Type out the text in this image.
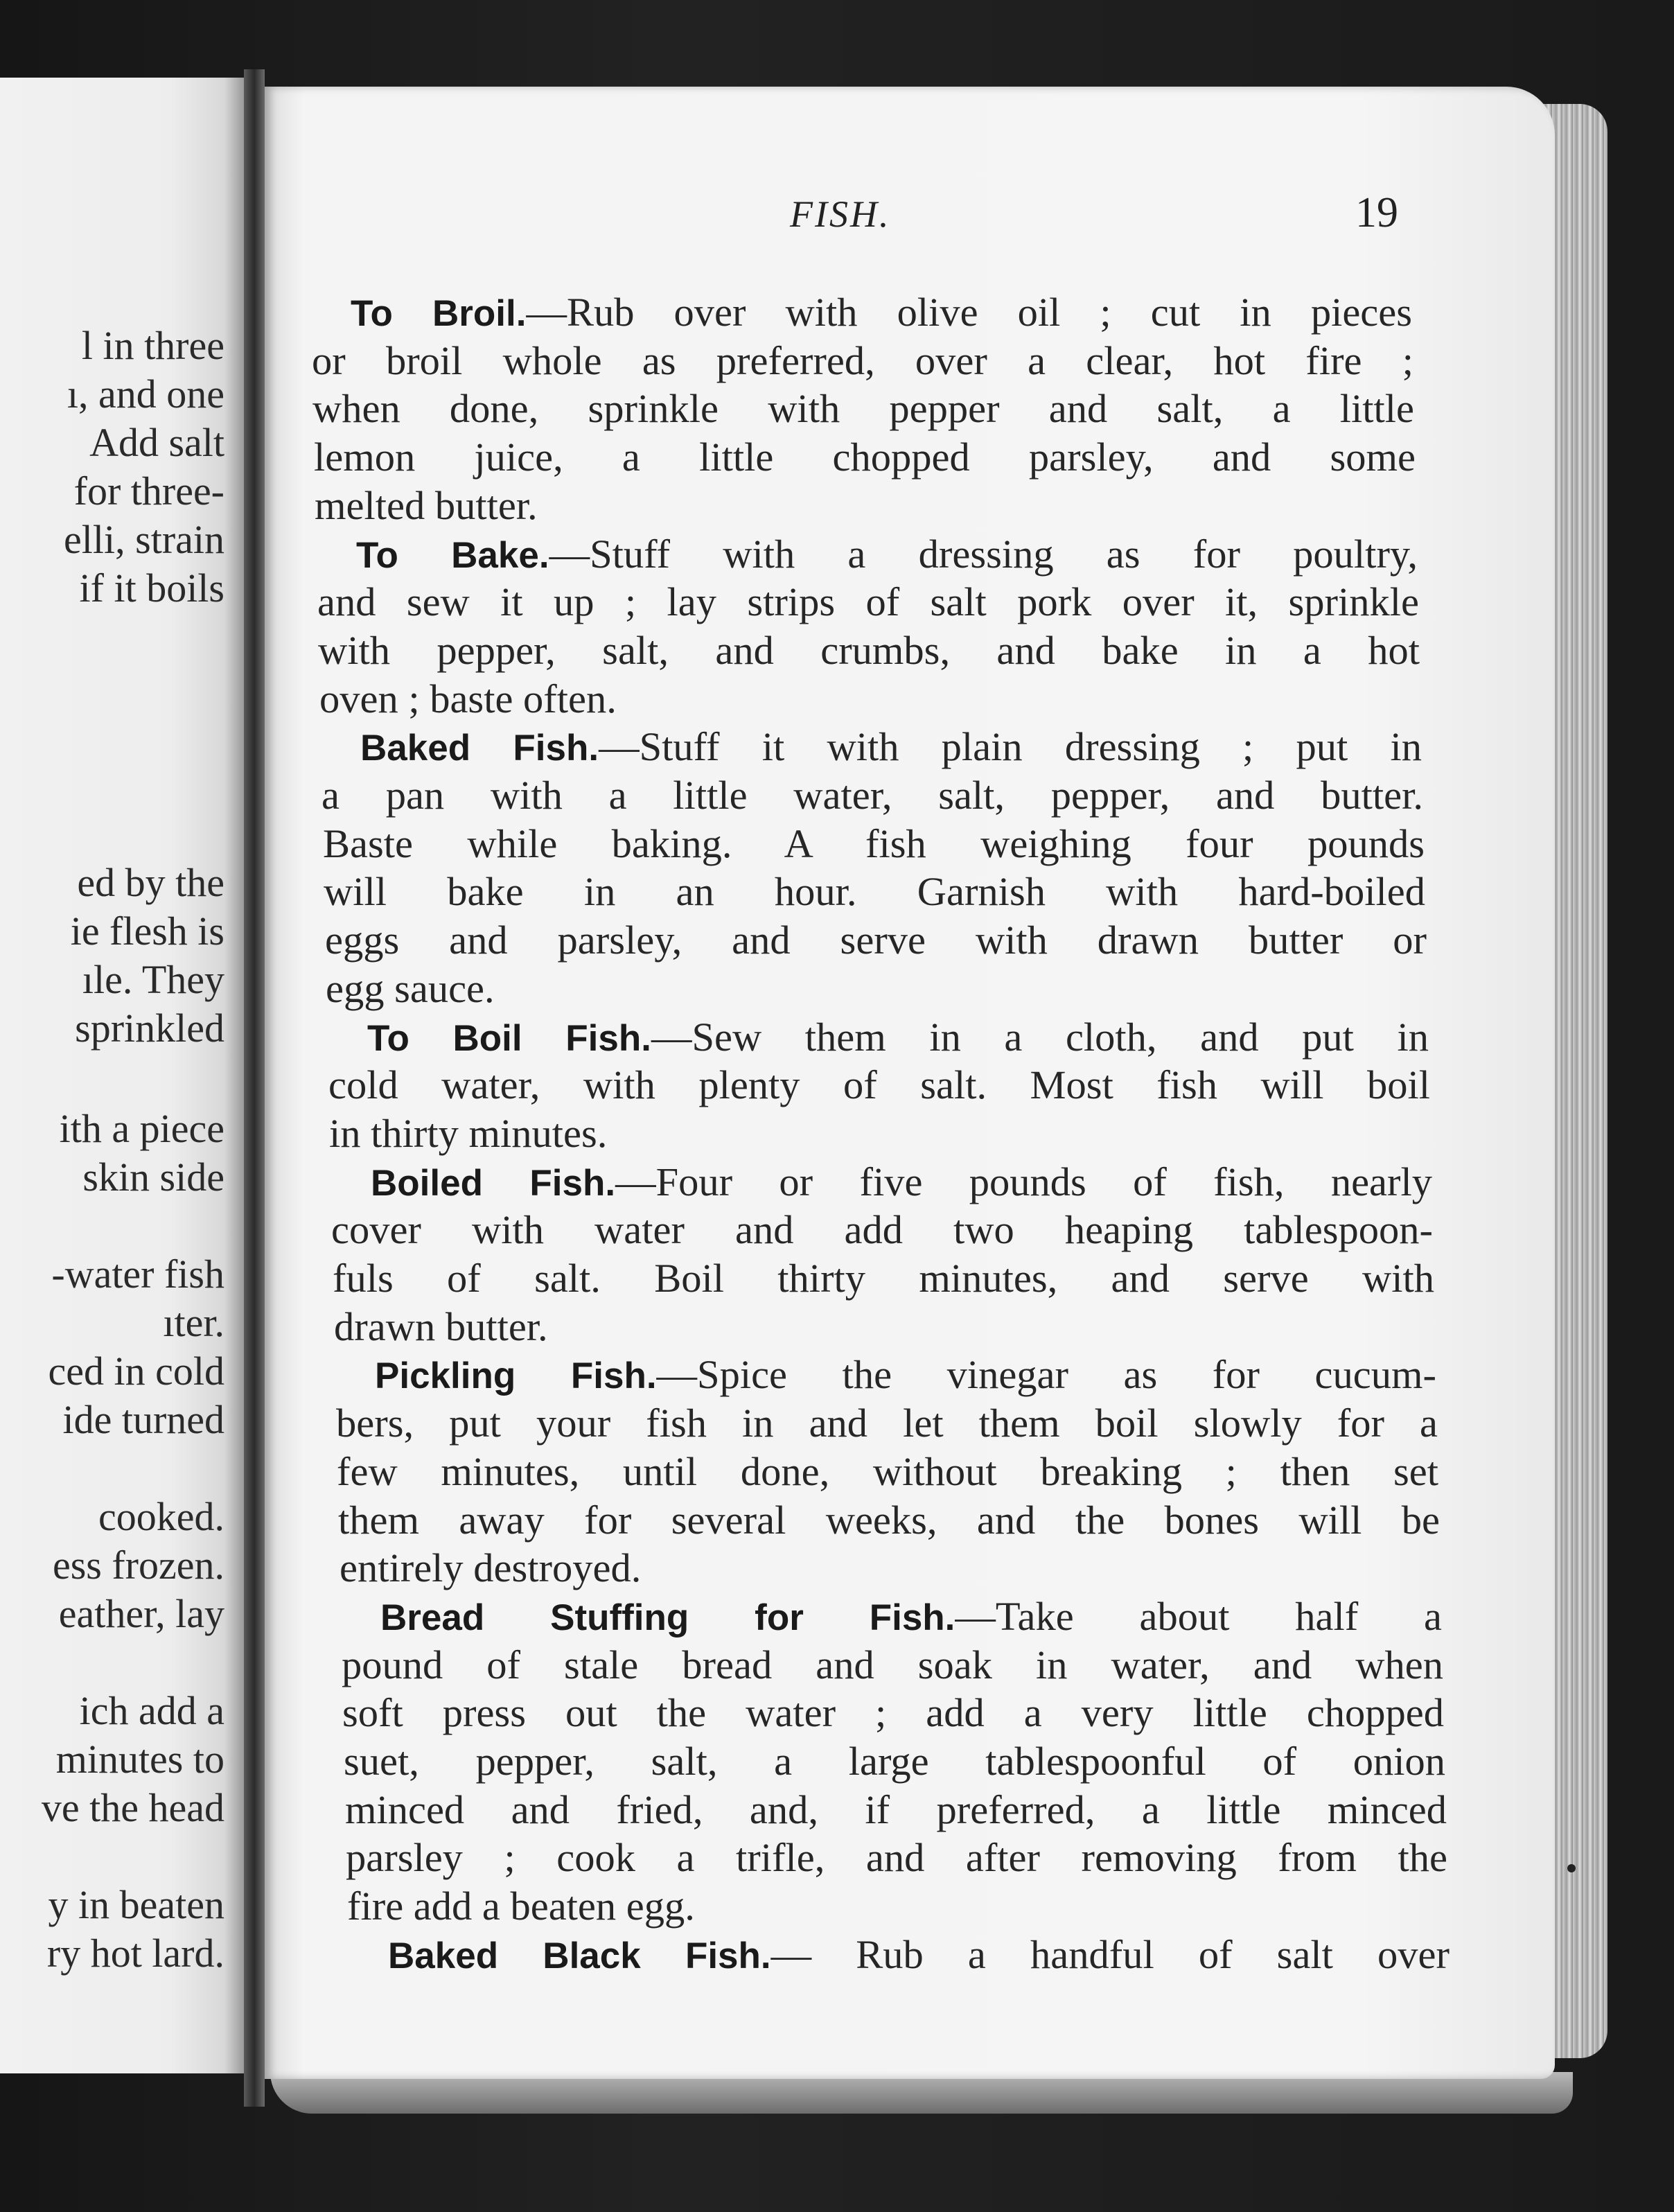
l in three
ı, and one
Add salt
for three-
elli, strain
if it boils
ed by the
ie flesh is
ıle. They
sprinkled
ith a piece
skin side
-water fish
ıter.
ced in cold
ide turned
cooked.
ess frozen.
eather, lay
ich add a
minutes to
ve the head
y in beaten
ry hot lard.
FISH.	19
To Broil.—Rub over with olive oil ; cut in pieces
or broil whole as preferred, over a clear, hot fire ;
when done, sprinkle with pepper and salt, a little
lemon juice, a little chopped parsley, and some
melted butter.
To Bake.—Stuff with a dressing as for poultry,
and sew it up ; lay strips of salt pork over it, sprinkle
with pepper, salt, and crumbs, and bake in a hot
oven ; baste often.
Baked Fish.—Stuff it with plain dressing ; put in
a pan with a little water, salt, pepper, and butter.
Baste while baking. A fish weighing four pounds
will bake in an hour. Garnish with hard-boiled
eggs and parsley, and serve with drawn butter or
egg sauce.
To Boil Fish.—Sew them in a cloth, and put in
cold water, with plenty of salt. Most fish will boil
in thirty minutes.
Boiled Fish.—Four or five pounds of fish, nearly
cover with water and add two heaping tablespoon-
fuls of salt. Boil thirty minutes, and serve with
drawn butter.
Pickling Fish.—Spice the vinegar as for cucum-
bers, put your fish in and let them boil slowly for a
few minutes, until done, without breaking ; then set
them away for several weeks, and the bones will be
entirely destroyed.
Bread Stuffing for Fish.—Take about half a
pound of stale bread and soak in water, and when
soft press out the water ; add a very little chopped
suet, pepper, salt, a large tablespoonful of onion
minced and fried, and, if preferred, a little minced
parsley ; cook a trifle, and after removing from the
fire add a beaten egg.
Baked Black Fish.— Rub a handful of salt over
